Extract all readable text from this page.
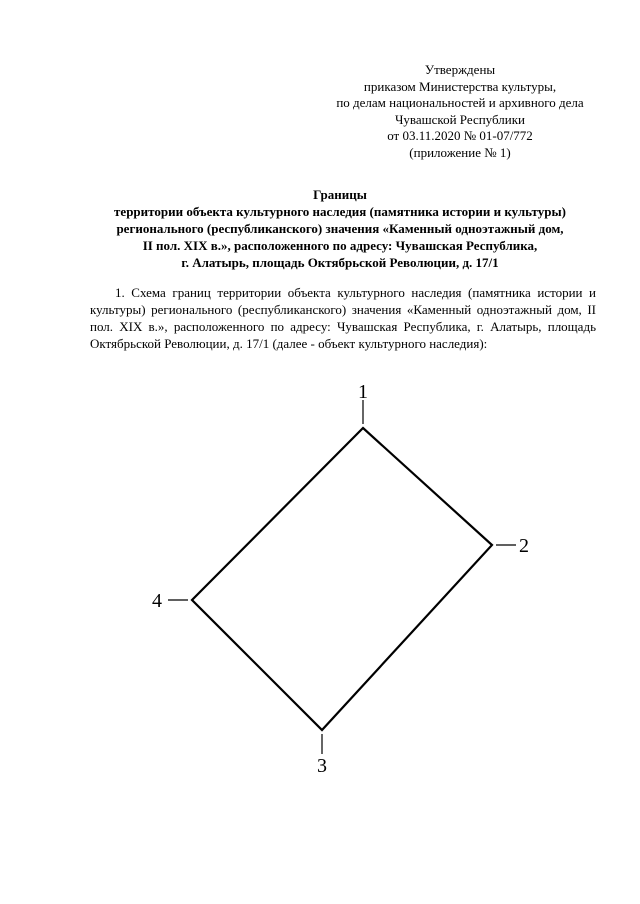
Утверждены
приказом Министерства культуры,
по делам национальностей и архивного дела
Чувашской Республики
от 03.11.2020 № 01-07/772
(приложение № 1)
Границы
территории объекта культурного наследия (памятника истории и культуры)
регионального (республиканского) значения «Каменный одноэтажный дом,
II пол. XIX в.», расположенного по адресу: Чувашская Республика,
г. Алатырь, площадь Октябрьской Революции, д. 17/1

1. Схема границ территории объекта культурного наследия (памятника истории и культуры) регионального (республиканского) значения «Каменный одноэтажный дом, II пол. XIX в.», расположенного по адресу: Чувашская Республика, г. Алатырь, площадь Октябрьской Революции, д. 17/1 (далее - объект культурного наследия):

1
2
3
4
